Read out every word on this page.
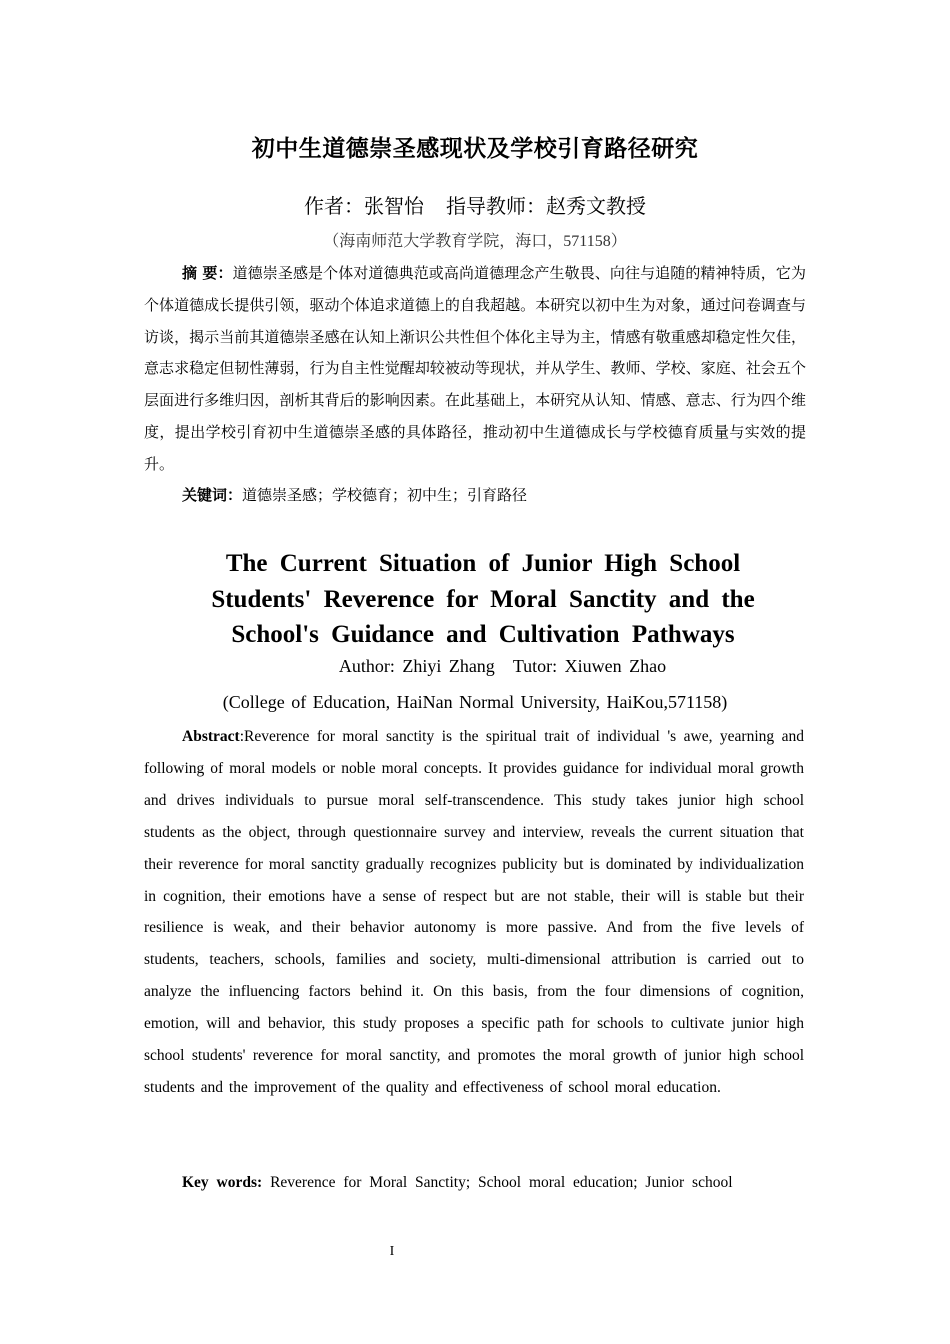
初中生道德崇圣感现状及学校引育路径研究
作者：张智怡 指导教师：赵秀文教授
（海南师范大学教育学院，海口，571158）

摘 要：道德崇圣感是个体对道德典范或高尚道德理念产生敬畏、向往与追随的精神特质，它为个体道德成长提供引领，驱动个体追求道德上的自我超越。本研究以初中生为对象，通过问卷调查与访谈，揭示当前其道德崇圣感在认知上渐识公共性但个体化主导为主，情感有敬重感却稳定性欠佳，意志求稳定但韧性薄弱，行为自主性觉醒却较被动等现状，并从学生、教师、学校、家庭、社会五个层面进行多维归因，剖析其背后的影响因素。在此基础上，本研究从认知、情感、意志、行为四个维度，提出学校引育初中生道德崇圣感的具体路径，推动初中生道德成长与学校德育质量与实效的提升。

关键词：道德崇圣感；学校德育；初中生；引育路径
The Current Situation of Junior High School Students' Reverence for Moral Sanctity and the School's Guidance and Cultivation Pathways
Author: Zhiyi Zhang Tutor: Xiuwen Zhao
(College of Education, HaiNan Normal University, HaiKou,571158)

Abstract:Reverence for moral sanctity is the spiritual trait of individual 's awe, yearning and following of moral models or noble moral concepts. It provides guidance for individual moral growth and drives individuals to pursue moral self-transcendence. This study takes junior high school students as the object, through questionnaire survey and interview, reveals the current situation that their reverence for moral sanctity gradually recognizes publicity but is dominated by individualization in cognition, their emotions have a sense of respect but are not stable, their will is stable but their resilience is weak, and their behavior autonomy is more passive. And from the five levels of students, teachers, schools, families and society, multi-dimensional attribution is carried out to analyze the influencing factors behind it. On this basis, from the four dimensions of cognition, emotion, will and behavior, this study proposes a specific path for schools to cultivate junior high school students' reverence for moral sanctity, and promotes the moral growth of junior high school students and the improvement of the quality and effectiveness of school moral education.

Key words: Reverence for Moral Sanctity; School moral education; Junior school
I
